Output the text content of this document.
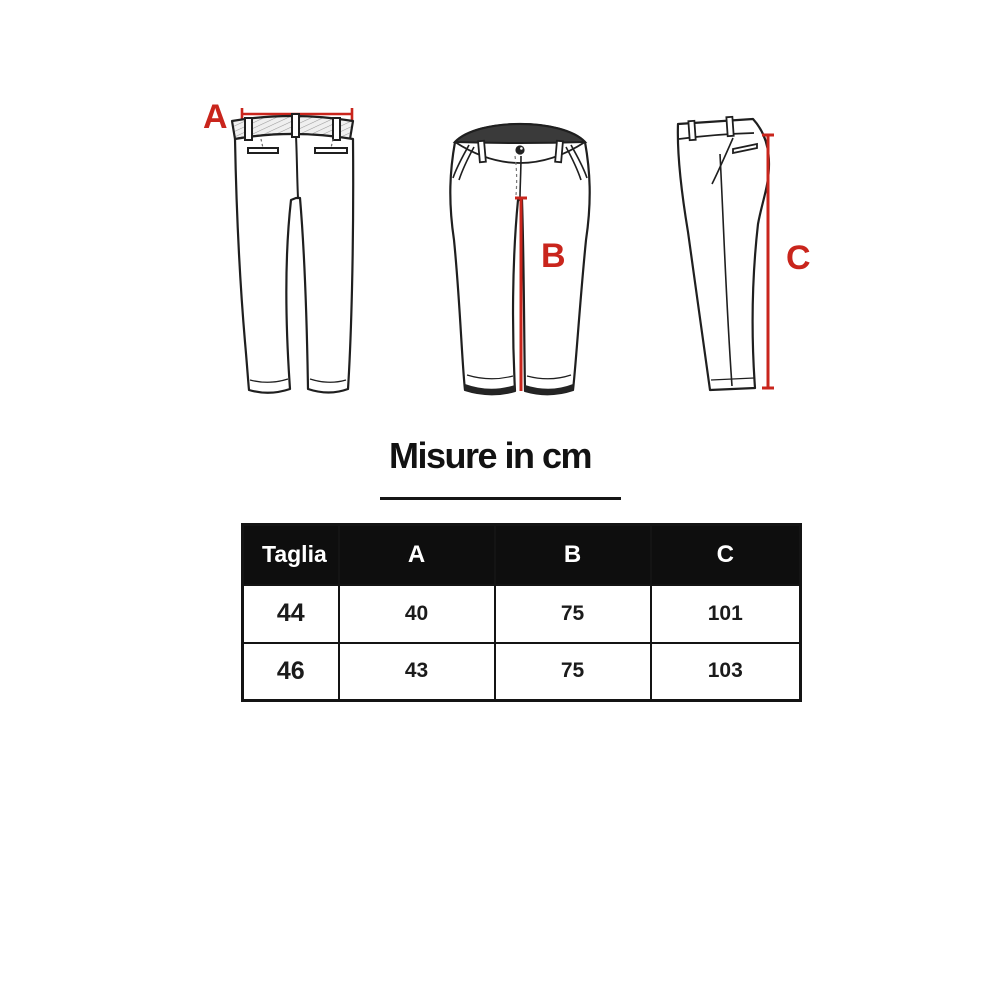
A
B	C
Misure in cm
Taglia	A	B	C
44	40	75	101
46	43	75	103
